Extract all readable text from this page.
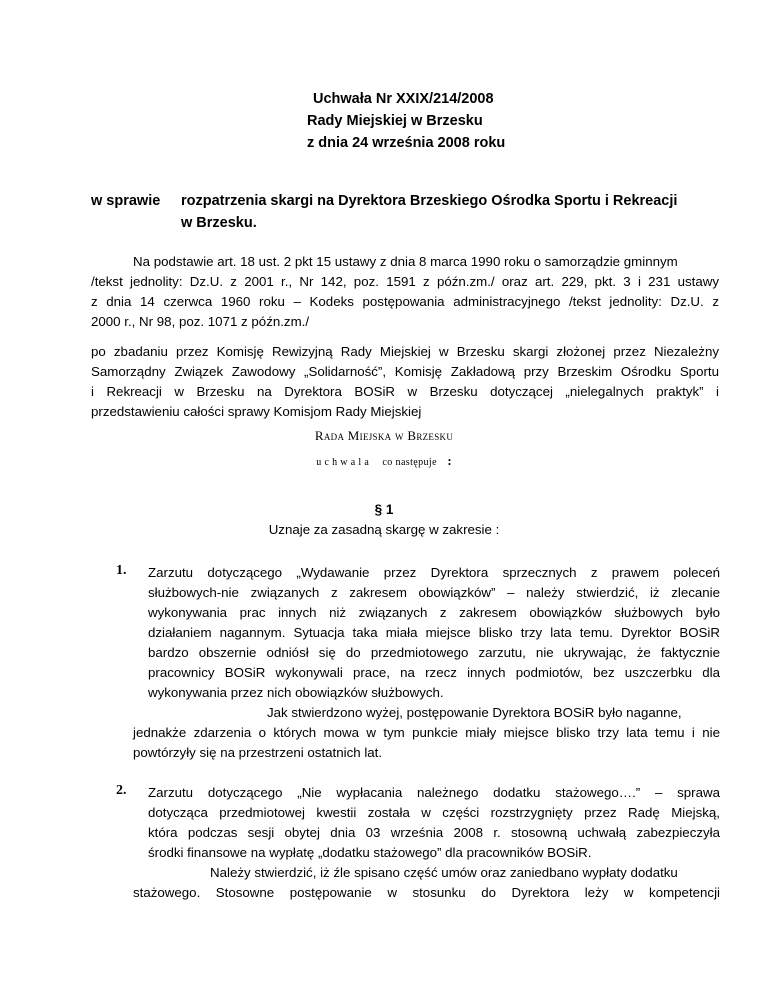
Uchwała Nr XXIX/214/2008
Rady Miejskiej w Brzesku
z dnia 24 września 2008 roku
w sprawie rozpatrzenia skargi na Dyrektora Brzeskiego Ośrodka Sportu i Rekreacji
w Brzesku.
Na podstawie art. 18 ust. 2 pkt 15 ustawy z dnia 8 marca 1990 roku o samorządzie gminnym
/tekst jednolity: Dz.U. z 2001 r., Nr 142, poz. 1591 z późn.zm./ oraz art. 229, pkt. 3 i 231 ustawy
z dnia 14 czerwca 1960 roku – Kodeks postępowania administracyjnego /tekst jednolity: Dz.U. z
2000 r., Nr 98, poz. 1071 z późn.zm./
po zbadaniu przez Komisję Rewizyjną Rady Miejskiej w Brzesku skargi złożonej przez Niezależny
Samorządny Związek Zawodowy „Solidarność”, Komisję Zakładową przy Brzeskim Ośrodku Sportu
i Rekreacji w Brzesku na Dyrektora BOSiR w Brzesku dotyczącej „nielegalnych praktyk” i
przedstawieniu całości sprawy Komisjom Rady Miejskiej
Rada Miejska w Brzesku
uchwala co następuje :
§ 1
Uznaje za zasadną skargę w zakresie :
1. Zarzutu dotyczącego „Wydawanie przez Dyrektora sprzecznych z prawem poleceń
służbowych-nie związanych z zakresem obowiązków” – należy stwierdzić, iż zlecanie
wykonywania prac innych niż związanych z zakresem obowiązków służbowych było
działaniem nagannym. Sytuacja taka miała miejsce blisko trzy lata temu. Dyrektor BOSiR
bardzo obszernie odniósł się do przedmiotowego zarzutu, nie ukrywając, że faktycznie
pracownicy BOSiR wykonywali prace, na rzecz innych podmiotów, bez uszczerbku dla
wykonywania przez nich obowiązków służbowych.
Jak stwierdzono wyżej, postępowanie Dyrektora BOSiR było naganne,
jednakże zdarzenia o których mowa w tym punkcie miały miejsce blisko trzy lata temu i nie
powtórzyły się na przestrzeni ostatnich lat.
2. Zarzutu dotyczącego „Nie wypłacania należnego dodatku stażowego….” – sprawa
dotycząca przedmiotowej kwestii została w części rozstrzygnięty przez Radę Miejską,
która podczas sesji obytej dnia 03 września 2008 r. stosowną uchwałą zabezpieczyła
środki finansowe na wypłatę „dodatku stażowego” dla pracowników BOSiR.
Należy stwierdzić, iż źle spisano część umów oraz zaniedbano wypłaty dodatku
stażowego. Stosowne postępowanie w stosunku do Dyrektora leży w kompetencji
